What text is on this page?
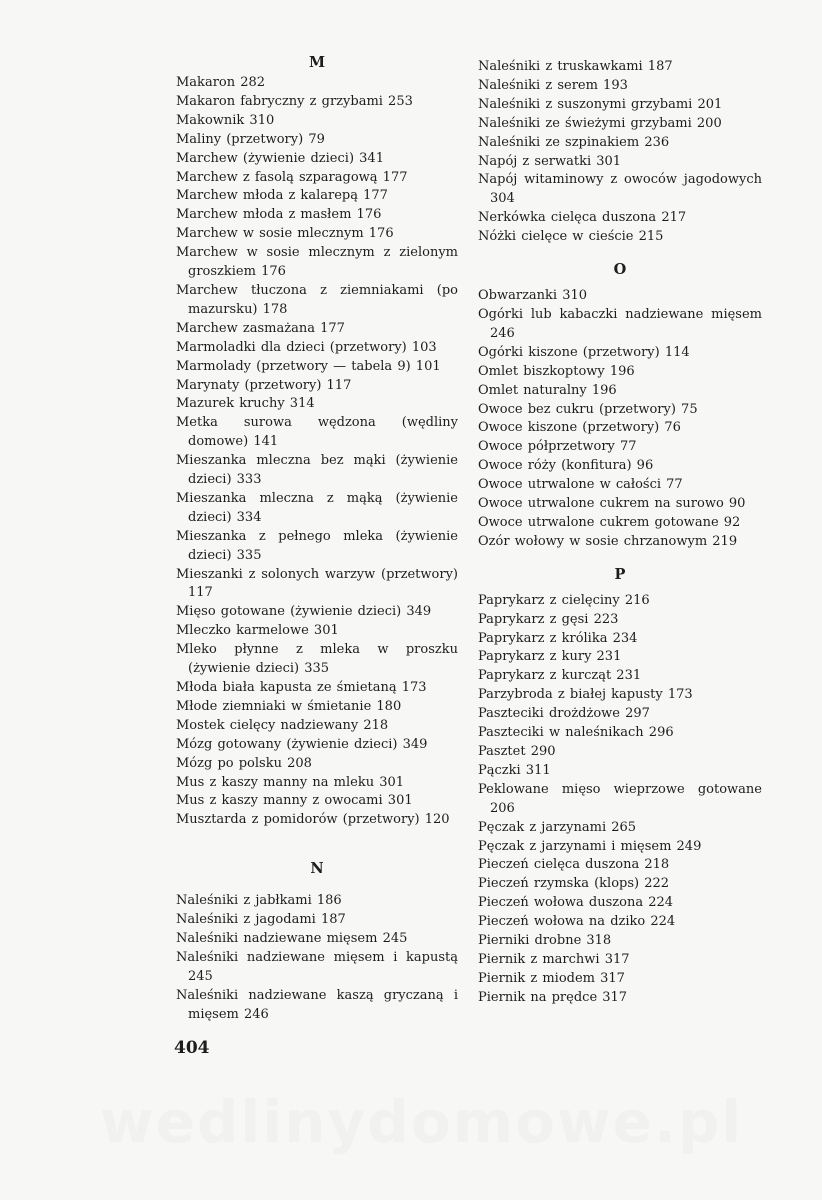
M
Makaron 282
Makaron fabryczny z grzybami 253
Makownik 310
Maliny (przetwory) 79
Marchew (żywienie dzieci) 341
Marchew z fasolą szparagową 177
Marchew młoda z kalarepą 177
Marchew młoda z masłem 176
Marchew w sosie mlecznym 176
Marchew w sosie mlecznym z zielonym groszkiem 176
Marchew tłuczona z ziemniakami (po mazursku) 178
Marchew zasmażana 177
Marmoladki dla dzieci (przetwory) 103
Marmolady (przetwory — tabela 9) 101
Marynaty (przetwory) 117
Mazurek kruchy 314
Metka surowa wędzona (wędliny domowe) 141
Mieszanka mleczna bez mąki (żywienie dzieci) 333
Mieszanka mleczna z mąką (żywienie dzieci) 334
Mieszanka z pełnego mleka (żywienie dzieci) 335
Mieszanki z solonych warzyw (przetwory) 117
Mięso gotowane (żywienie dzieci) 349
Mleczko karmelowe 301
Mleko płynne z mleka w proszku (żywienie dzieci) 335
Młoda biała kapusta ze śmietaną 173
Młode ziemniaki w śmietanie 180
Mostek cielęcy nadziewany 218
Mózg gotowany (żywienie dzieci) 349
Mózg po polsku 208
Mus z kaszy manny na mleku 301
Mus z kaszy manny z owocami 301
Musztarda z pomidorów (przetwory) 120
N
Naleśniki z jabłkami 186
Naleśniki z jagodami 187
Naleśniki nadziewane mięsem 245
Naleśniki nadziewane mięsem i kapustą 245
Naleśniki nadziewane kaszą gryczaną i mięsem 246
Naleśniki z truskawkami 187
Naleśniki z serem 193
Naleśniki z suszonymi grzybami 201
Naleśniki ze świeżymi grzybami 200
Naleśniki ze szpinakiem 236
Napój z serwatki 301
Napój witaminowy z owoców jagodowych 304
Nerkówka cielęca duszona 217
Nóżki cielęce w cieście 215
O
Obwarzanki 310
Ogórki lub kabaczki nadziewane mięsem 246
Ogórki kiszone (przetwory) 114
Omlet biszkoptowy 196
Omlet naturalny 196
Owoce bez cukru (przetwory) 75
Owoce kiszone (przetwory) 76
Owoce półprzetwory 77
Owoce róży (konfitura) 96
Owoce utrwalone w całości 77
Owoce utrwalone cukrem na surowo 90
Owoce utrwalone cukrem gotowane 92
Ozór wołowy w sosie chrzanowym 219
P
Paprykarz z cielęciny 216
Paprykarz z gęsi 223
Paprykarz z królika 234
Paprykarz z kury 231
Paprykarz z kurcząt 231
Parzybroda z białej kapusty 173
Paszteciki drożdżowe 297
Paszteciki w naleśnikach 296
Pasztet 290
Pączki 311
Peklowane mięso wieprzowe gotowane 206
Pęczak z jarzynami 265
Pęczak z jarzynami i mięsem 249
Pieczeń cielęca duszona 218
Pieczeń rzymska (klops) 222
Pieczeń wołowa duszona 224
Pieczeń wołowa na dziko 224
Pierniki drobne 318
Piernik z marchwi 317
Piernik z miodem 317
Piernik na prędce 317
404
wedlinydomowe.pl
